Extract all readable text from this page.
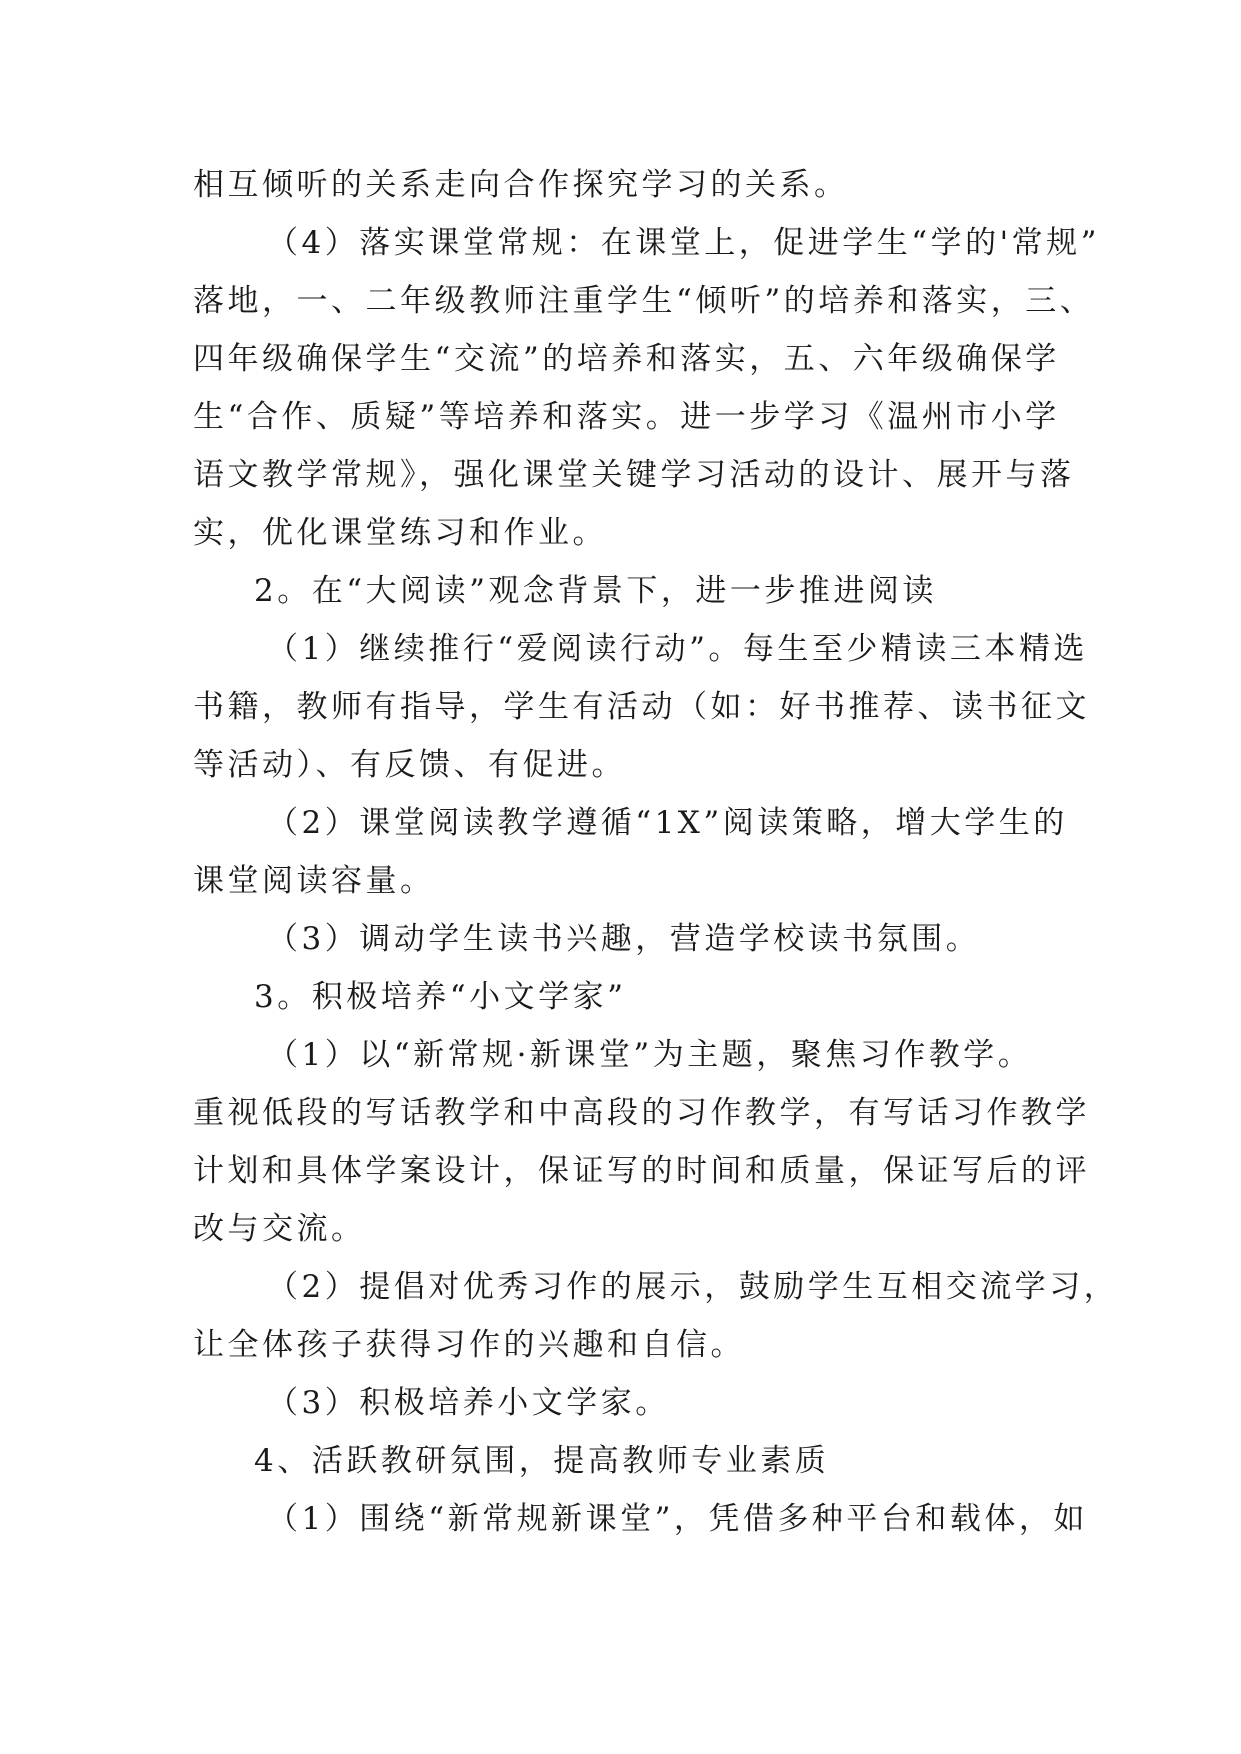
相互倾听的关系走向合作探究学习的关系。
（4）落实课堂常规：在课堂上，促进学生“学的'常规”
落地，一、二年级教师注重学生“倾听”的培养和落实，三、
四年级确保学生“交流”的培养和落实，五、六年级确保学
生“合作、质疑”等培养和落实。进一步学习《温州市小学
语文教学常规》，强化课堂关键学习活动的设计、展开与落
实，优化课堂练习和作业。
2。在“大阅读”观念背景下，进一步推进阅读
（1）继续推行“爱阅读行动”。每生至少精读三本精选
书籍，教师有指导，学生有活动（如：好书推荐、读书征文
等活动）、有反馈、有促进。
（2）课堂阅读教学遵循“1X”阅读策略，增大学生的
课堂阅读容量。
（3）调动学生读书兴趣，营造学校读书氛围。
3。积极培养“小文学家”
（1）以“新常规·新课堂”为主题，聚焦习作教学。
重视低段的写话教学和中高段的习作教学，有写话习作教学
计划和具体学案设计，保证写的时间和质量，保证写后的评
改与交流。
（2）提倡对优秀习作的展示，鼓励学生互相交流学习，
让全体孩子获得习作的兴趣和自信。
（3）积极培养小文学家。
4、活跃教研氛围，提高教师专业素质
（1）围绕“新常规新课堂”，凭借多种平台和载体，如
